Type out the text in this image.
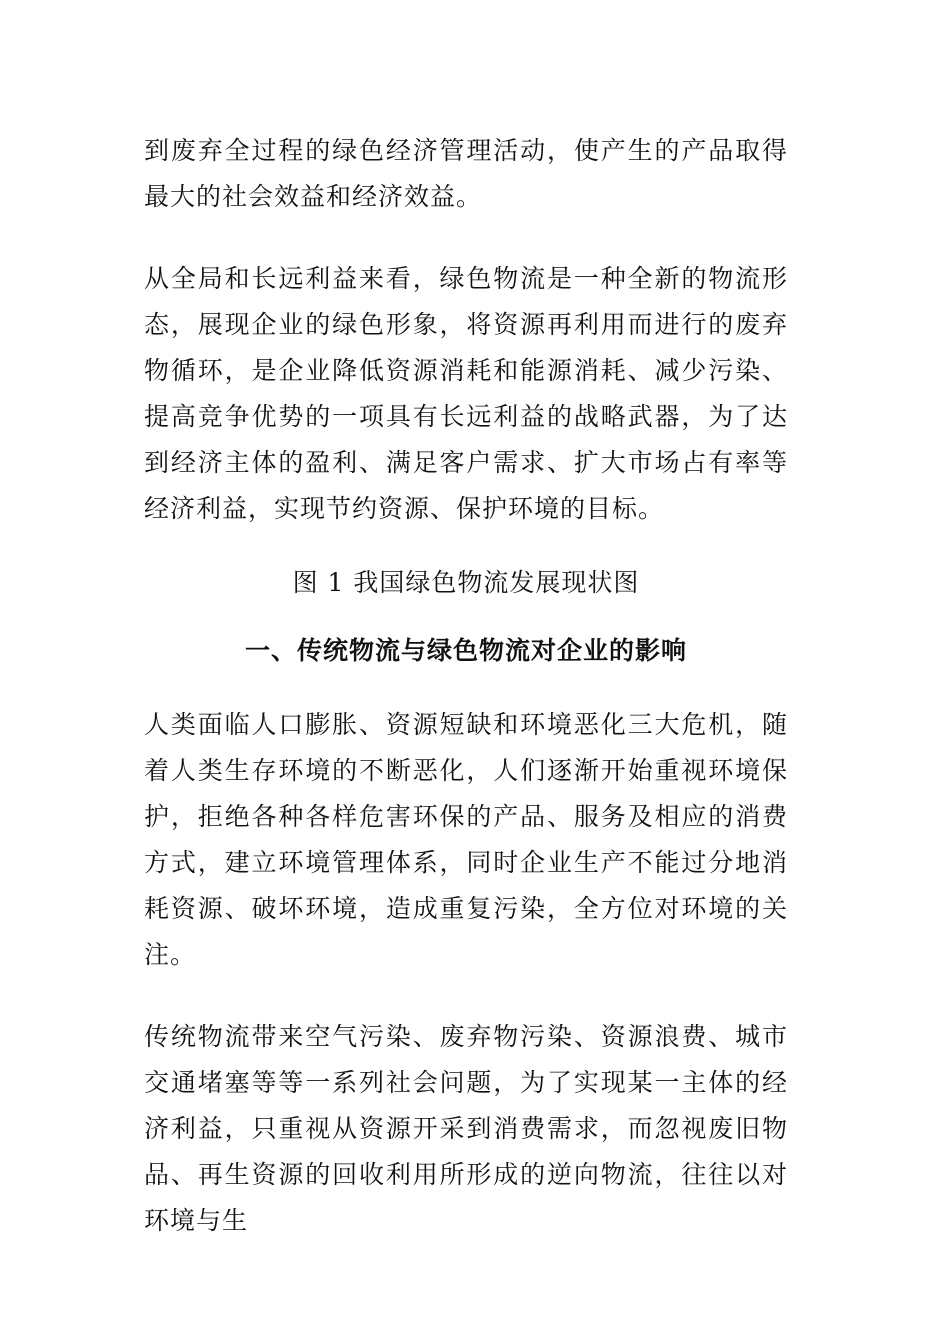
到废弃全过程的绿色经济管理活动，使产生的产品取得最大的社会效益和经济效益。

从全局和长远利益来看，绿色物流是一种全新的物流形态，展现企业的绿色形象，将资源再利用而进行的废弃物循环，是企业降低资源消耗和能源消耗、减少污染、提高竞争优势的一项具有长远利益的战略武器，为了达到经济主体的盈利、满足客户需求、扩大市场占有率等经济利益，实现节约资源、保护环境的目标。

图 1 我国绿色物流发展现状图

一、传统物流与绿色物流对企业的影响

人类面临人口膨胀、资源短缺和环境恶化三大危机，随着人类生存环境的不断恶化，人们逐渐开始重视环境保护，拒绝各种各样危害环保的产品、服务及相应的消费方式，建立环境管理体系，同时企业生产不能过分地消耗资源、破坏环境，造成重复污染，全方位对环境的关注。

传统物流带来空气污染、废弃物污染、资源浪费、城市交通堵塞等等一系列社会问题，为了实现某一主体的经济利益，只重视从资源开采到消费需求，而忽视废旧物品、再生资源的回收利用所形成的逆向物流，往往以对环境与生
